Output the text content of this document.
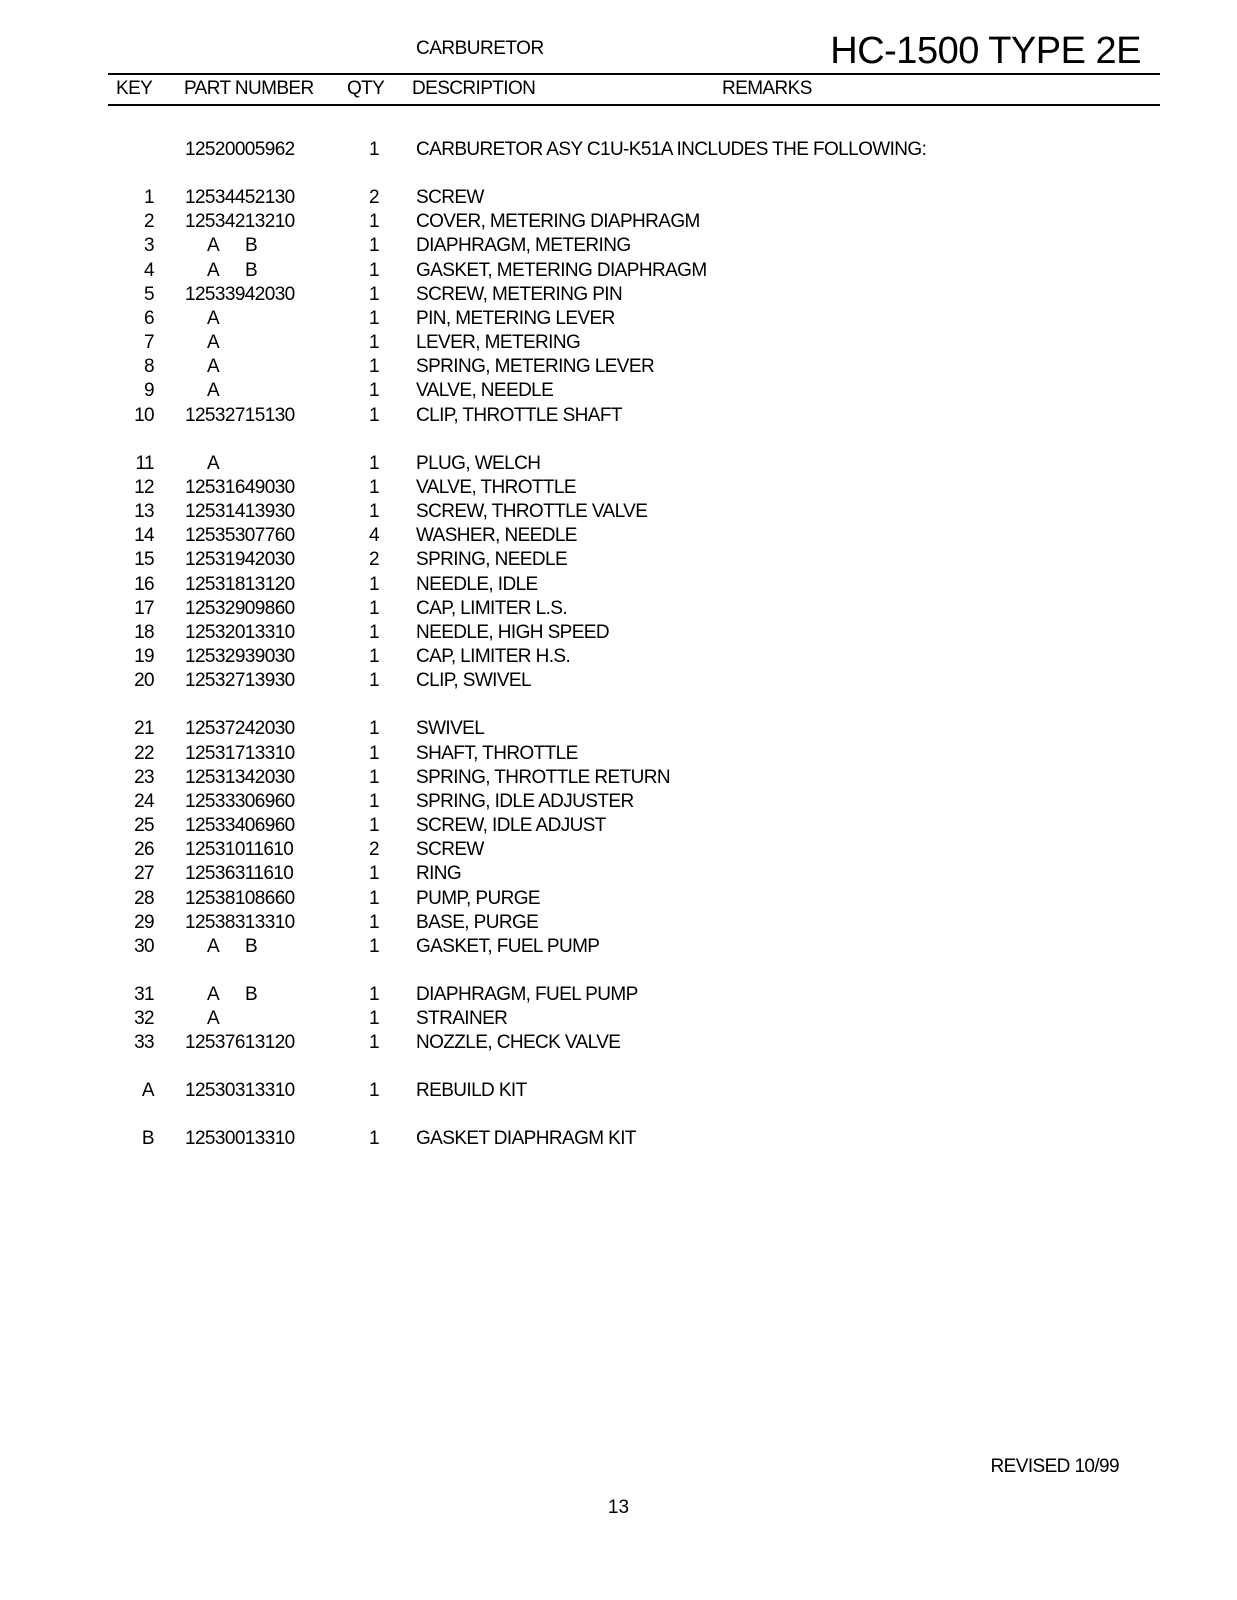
CARBURETOR	HC-1500 TYPE 2E
KEY PART NUMBER QTY DESCRIPTION	REMARKS
12520005962	1 CARBURETOR ASY C1U-K51A INCLUDES THE FOLLOWING:
1 12534452130	2 SCREW
2 12534213210	1 COVER, METERING DIAPHRAGM
3	A B	1 DIAPHRAGM, METERING
4	A B	1 GASKET, METERING DIAPHRAGM
5 12533942030	1 SCREW, METERING PIN
6	A	1 PIN, METERING LEVER
7	A	1 LEVER, METERING
8	A	1 SPRING, METERING LEVER
9	A	1 VALVE, NEEDLE
10 12532715130	1 CLIP, THROTTLE SHAFT
11	A	1 PLUG, WELCH
12 12531649030	1 VALVE, THROTTLE
13 12531413930	1 SCREW, THROTTLE VALVE
14 12535307760	4 WASHER, NEEDLE
15 12531942030	2 SPRING, NEEDLE
16 12531813120	1 NEEDLE, IDLE
17 12532909860	1 CAP, LIMITER L.S.
18 12532013310	1 NEEDLE, HIGH SPEED
19 12532939030	1 CAP, LIMITER H.S.
20 12532713930	1 CLIP, SWIVEL
21 12537242030	1 SWIVEL
22 12531713310	1 SHAFT, THROTTLE
23 12531342030	1 SPRING, THROTTLE RETURN
24 12533306960	1 SPRING, IDLE ADJUSTER
25 12533406960	1 SCREW, IDLE ADJUST
26 12531011610	2 SCREW
27 12536311610	1 RING
28 12538108660	1 PUMP, PURGE
29 12538313310	1 BASE, PURGE
30	A B	1 GASKET, FUEL PUMP
31	A B	1 DIAPHRAGM, FUEL PUMP
32	A	1 STRAINER
33 12537613120	1 NOZZLE, CHECK VALVE
A 12530313310	1 REBUILD KIT
B 12530013310	1 GASKET DIAPHRAGM KIT
REVISED 10/99
13
